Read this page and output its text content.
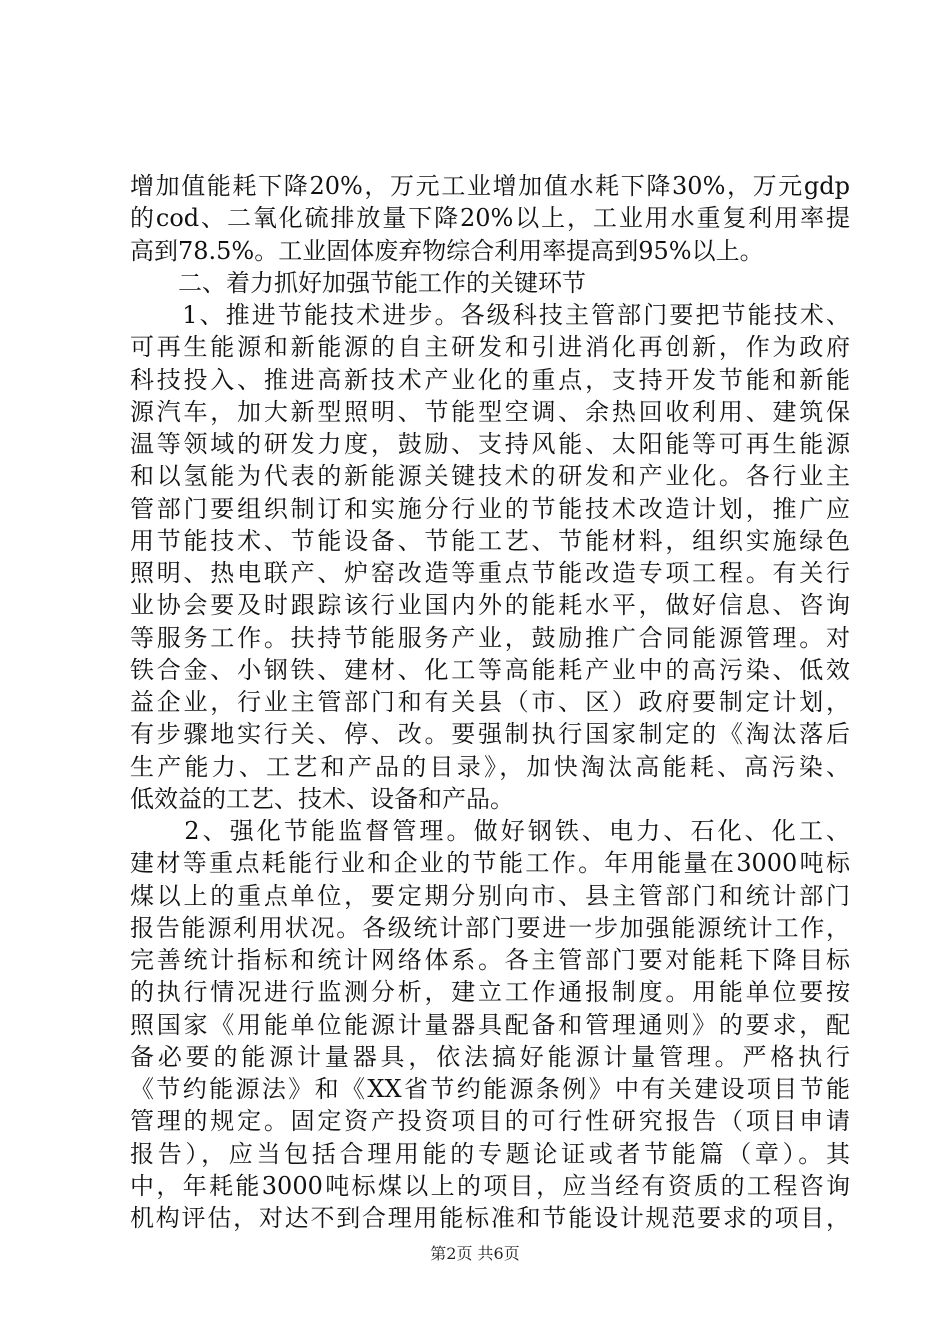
增加值能耗下降20%，万元工业增加值水耗下降30%，万元gdp
的cod、二氧化硫排放量下降20%以上，工业用水重复利用率提
高到78.5%。工业固体废弃物综合利用率提高到95%以上。
　　二、着力抓好加强节能工作的关键环节
　　1、推进节能技术进步。各级科技主管部门要把节能技术、
可再生能源和新能源的自主研发和引进消化再创新，作为政府
科技投入、推进高新技术产业化的重点，支持开发节能和新能
源汽车，加大新型照明、节能型空调、余热回收利用、建筑保
温等领域的研发力度，鼓励、支持风能、太阳能等可再生能源
和以氢能为代表的新能源关键技术的研发和产业化。各行业主
管部门要组织制订和实施分行业的节能技术改造计划，推广应
用节能技术、节能设备、节能工艺、节能材料，组织实施绿色
照明、热电联产、炉窑改造等重点节能改造专项工程。有关行
业协会要及时跟踪该行业国内外的能耗水平，做好信息、咨询
等服务工作。扶持节能服务产业，鼓励推广合同能源管理。对
铁合金、小钢铁、建材、化工等高能耗产业中的高污染、低效
益企业，行业主管部门和有关县（市、区）政府要制定计划，
有步骤地实行关、停、改。要强制执行国家制定的《淘汰落后
生产能力、工艺和产品的目录》，加快淘汰高能耗、高污染、
低效益的工艺、技术、设备和产品。
　　2、强化节能监督管理。做好钢铁、电力、石化、化工、
建材等重点耗能行业和企业的节能工作。年用能量在3000吨标
煤以上的重点单位，要定期分别向市、县主管部门和统计部门
报告能源利用状况。各级统计部门要进一步加强能源统计工作，
完善统计指标和统计网络体系。各主管部门要对能耗下降目标
的执行情况进行监测分析，建立工作通报制度。用能单位要按
照国家《用能单位能源计量器具配备和管理通则》的要求，配
备必要的能源计量器具，依法搞好能源计量管理。严格执行
《节约能源法》和《XX省节约能源条例》中有关建设项目节能
管理的规定。固定资产投资项目的可行性研究报告（项目申请
报告），应当包括合理用能的专题论证或者节能篇（章）。其
中，年耗能3000吨标煤以上的项目，应当经有资质的工程咨询
机构评估，对达不到合理用能标准和节能设计规范要求的项目，
第2页 共6页
